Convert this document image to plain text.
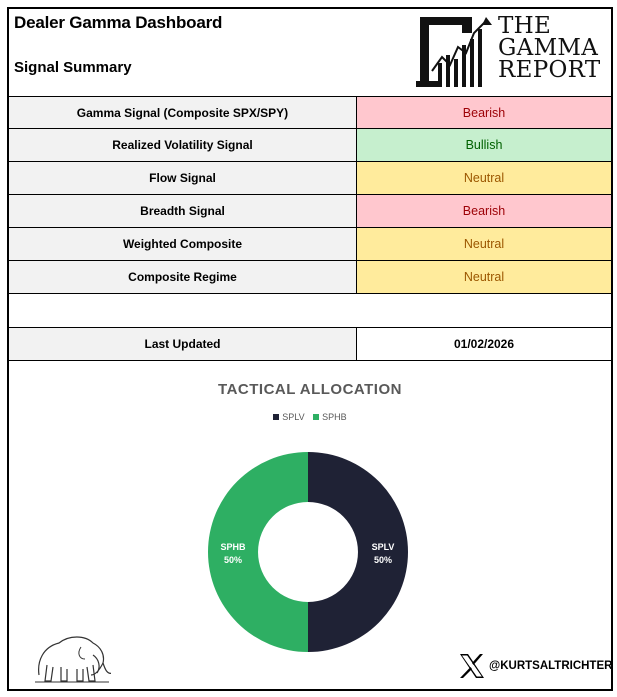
Dealer Gamma Dashboard
Signal Summary
THE
GAMMA
REPORT
Gamma Signal (Composite SPX/SPY)	Bearish
Realized Volatility Signal	Bullish
Flow Signal	Neutral
Breadth Signal	Bearish
Weighted Composite	Neutral
Composite Regime	Neutral
Last Updated	01/02/2026
TACTICAL ALLOCATION
SPLV
SPHB
SPLV
50%
SPHB
50%
@KURTSALTRICHTER
